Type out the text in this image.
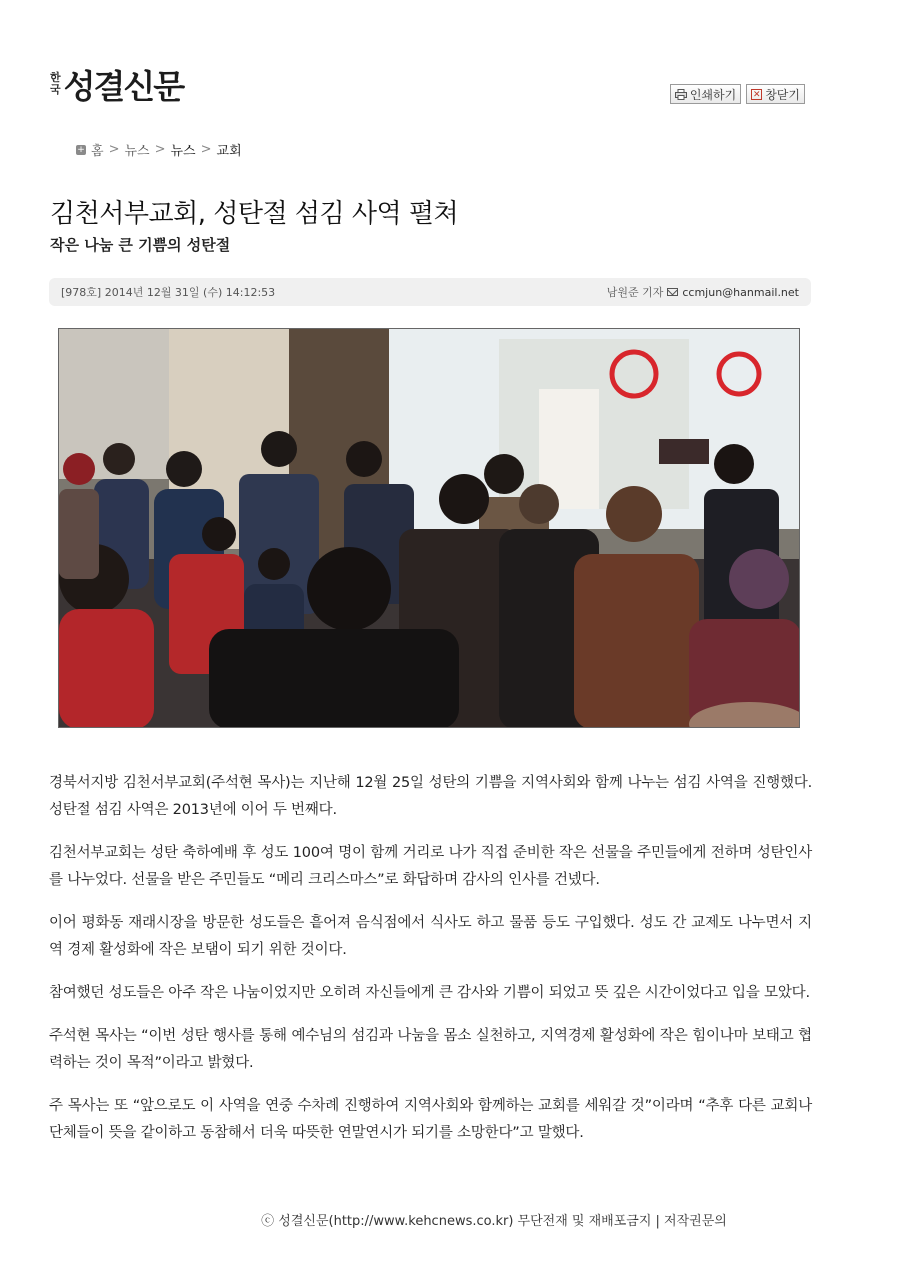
한
국 성결신문	인쇄하기 ✕ 창닫기
+ 홈 > 뉴스 > 뉴스 > 교회
김천서부교회, 성탄절 섬김 사역 펼쳐
작은 나눔 큰 기쁨의 성탄절
[978호] 2014년 12월 31일 (수) 14:12:53	남원준 기자 ccmjun@hanmail.net

경북서지방 김천서부교회(주석현 목사)는 지난해 12월 25일 성탄의 기쁨을 지역사회와 함께 나누는 섬김 사역을 진행했다. 성탄절 섬김 사역은 2013년에 이어 두 번째다.

김천서부교회는 성탄 축하예배 후 성도 100여 명이 함께 거리로 나가 직접 준비한 작은 선물을 주민들에게 전하며 성탄인사를 나누었다. 선물을 받은 주민들도 “메리 크리스마스”로 화답하며 감사의 인사를 건넸다.

이어 평화동 재래시장을 방문한 성도들은 흩어져 음식점에서 식사도 하고 물품 등도 구입했다. 성도 간 교제도 나누면서 지역 경제 활성화에 작은 보탬이 되기 위한 것이다.

참여했던 성도들은 아주 작은 나눔이었지만 오히려 자신들에게 큰 감사와 기쁨이 되었고 뜻 깊은 시간이었다고 입을 모았다.

주석현 목사는 “이번 성탄 행사를 통해 예수님의 섬김과 나눔을 몸소 실천하고, 지역경제 활성화에 작은 힘이나마 보태고 협력하는 것이 목적”이라고 밝혔다.

주 목사는 또 “앞으로도 이 사역을 연중 수차례 진행하여 지역사회와 함께하는 교회를 세워갈 것”이라며 “추후 다른 교회나 단체들이 뜻을 같이하고 동참해서 더욱 따뜻한 연말연시가 되기를 소망한다”고 말했다.

ⓒ 성결신문(http://www.kehcnews.co.kr) 무단전재 및 재배포금지 | 저작권문의
